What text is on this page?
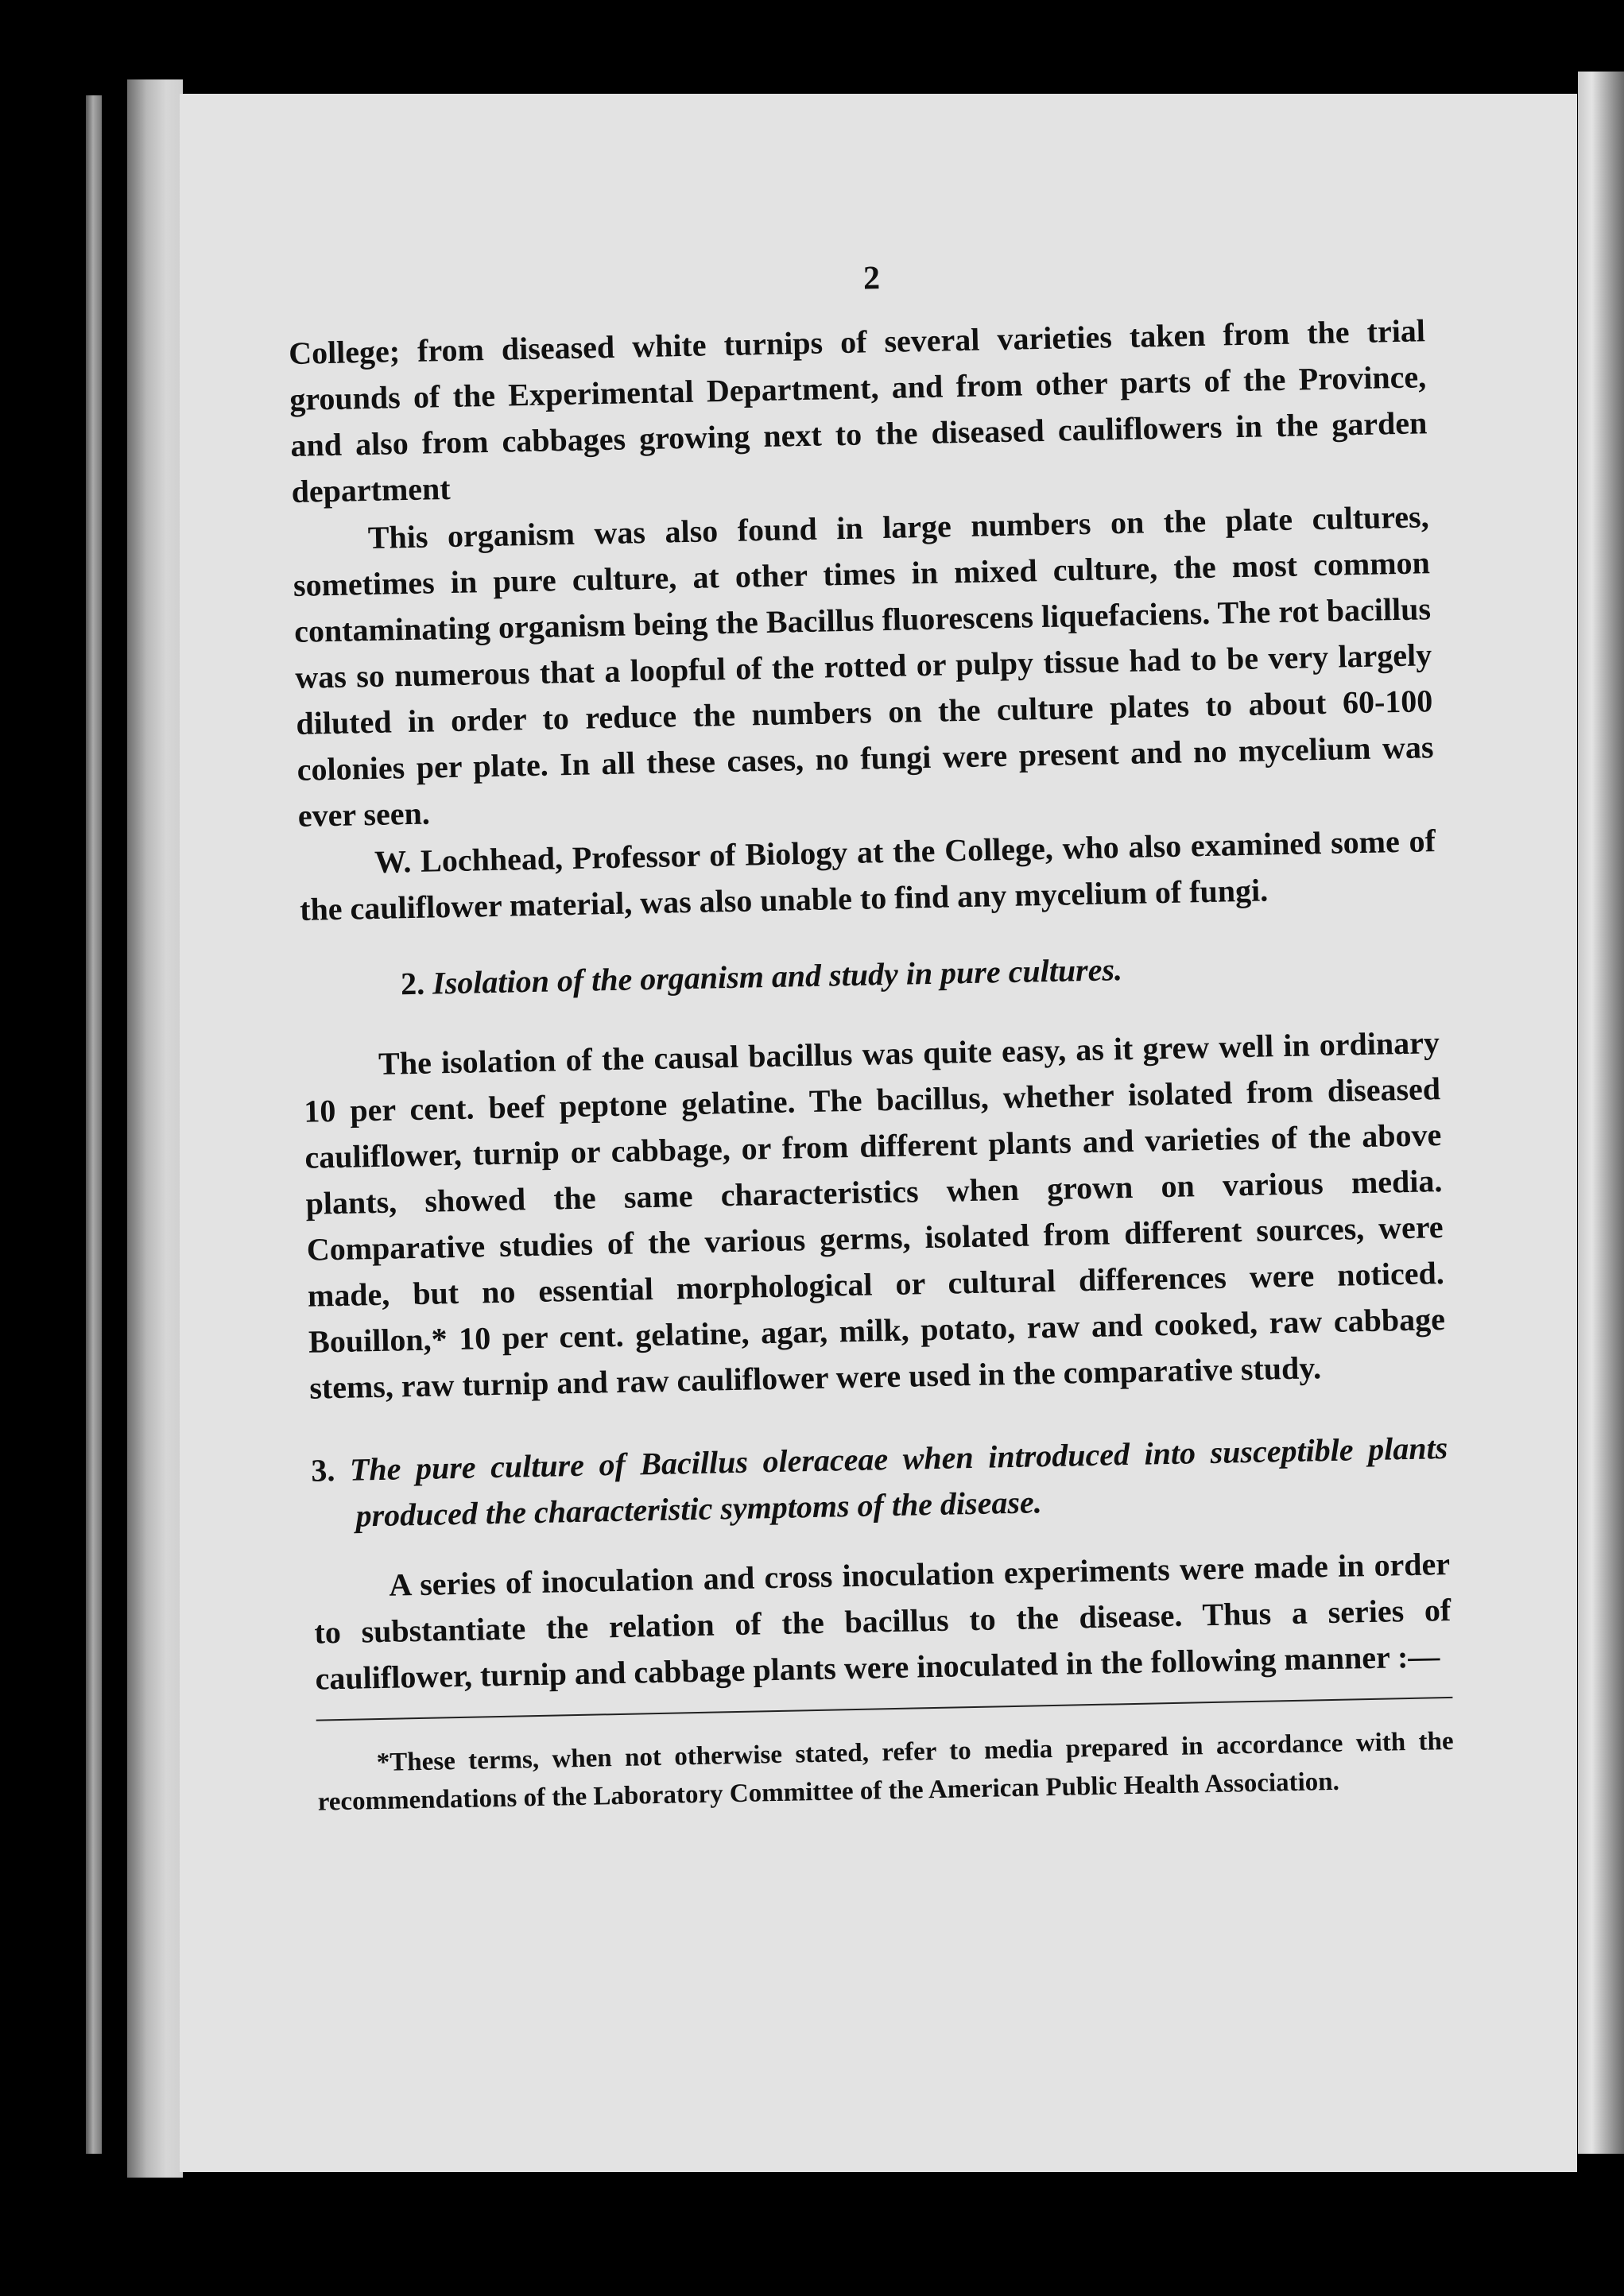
2

College; from diseased white turnips of several varieties taken from the trial grounds of the Experimental Department, and from other parts of the Province, and also from cabbages growing next to the diseased cauliflowers in the garden department

This organism was also found in large numbers on the plate cultures, sometimes in pure culture, at other times in mixed culture, the most common contaminating organism being the Bacillus fluorescens liquefaciens. The rot bacillus was so numerous that a loopful of the rotted or pulpy tissue had to be very largely diluted in order to reduce the numbers on the culture plates to about 60-100 colonies per plate. In all these cases, no fungi were present and no mycelium was ever seen.

W. Lochhead, Professor of Biology at the College, who also examined some of the cauliflower material, was also unable to find any mycelium of fungi.

2. Isolation of the organism and study in pure cultures.

The isolation of the causal bacillus was quite easy, as it grew well in ordinary 10 per cent. beef peptone gelatine. The bacillus, whether isolated from diseased cauliflower, turnip or cabbage, or from different plants and varieties of the above plants, showed the same characteristics when grown on various media. Comparative studies of the various germs, isolated from different sources, were made, but no essential morphological or cultural differences were noticed. Bouillon,* 10 per cent. gelatine, agar, milk, potato, raw and cooked, raw cabbage stems, raw turnip and raw cauliflower were used in the comparative study.

3. The pure culture of Bacillus oleraceae when introduced into susceptible plants produced the characteristic symptoms of the disease.

A series of inoculation and cross inoculation experiments were made in order to substantiate the relation of the bacillus to the disease. Thus a series of cauliflower, turnip and cabbage plants were inoculated in the following manner :—

*These terms, when not otherwise stated, refer to media prepared in accordance with the recommendations of the Laboratory Committee of the American Public Health Association.
